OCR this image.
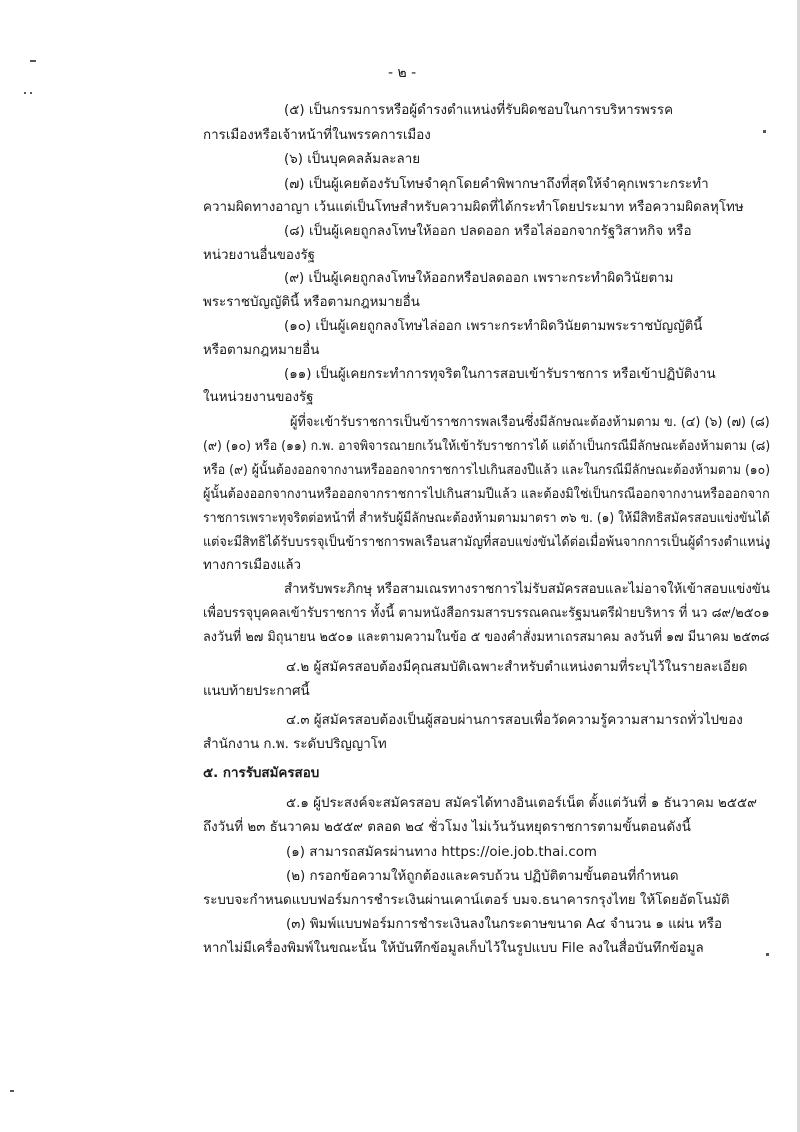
- ๒ -
(๕) เป็นกรรมการหรือผู้ดำรงตำแหน่งที่รับผิดชอบในการบริหารพรรค
การเมืองหรือเจ้าหน้าที่ในพรรคการเมือง
(๖) เป็นบุคคลล้มละลาย
(๗) เป็นผู้เคยต้องรับโทษจำคุกโดยคำพิพากษาถึงที่สุดให้จำคุกเพราะกระทำ
ความผิดทางอาญา เว้นแต่เป็นโทษสำหรับความผิดที่ได้กระทำโดยประมาท หรือความผิดลหุโทษ
(๘) เป็นผู้เคยถูกลงโทษให้ออก ปลดออก หรือไล่ออกจากรัฐวิสาหกิจ หรือ
หน่วยงานอื่นของรัฐ
(๙) เป็นผู้เคยถูกลงโทษให้ออกหรือปลดออก เพราะกระทำผิดวินัยตาม
พระราชบัญญัตินี้ หรือตามกฎหมายอื่น
(๑๐) เป็นผู้เคยถูกลงโทษไล่ออก เพราะกระทำผิดวินัยตามพระราชบัญญัตินี้
หรือตามกฎหมายอื่น
(๑๑) เป็นผู้เคยกระทำการทุจริตในการสอบเข้ารับราชการ หรือเข้าปฏิบัติงาน
ในหน่วยงานของรัฐ
ผู้ที่จะเข้ารับราชการเป็นข้าราชการพลเรือนซึ่งมีลักษณะต้องห้ามตาม ข. (๔) (๖) (๗) (๘)
(๙) (๑๐) หรือ (๑๑) ก.พ. อาจพิจารณายกเว้นให้เข้ารับราชการได้ แต่ถ้าเป็นกรณีมีลักษณะต้องห้ามตาม (๘)
หรือ (๙) ผู้นั้นต้องออกจากงานหรือออกจากราชการไปเกินสองปีแล้ว และในกรณีมีลักษณะต้องห้ามตาม (๑๐)
ผู้นั้นต้องออกจากงานหรือออกจากราชการไปเกินสามปีแล้ว และต้องมิใช่เป็นกรณีออกจากงานหรือออกจาก
ราชการเพราะทุจริตต่อหน้าที่ สำหรับผู้มีลักษณะต้องห้ามตามมาตรา ๓๖ ข. (๑) ให้มีสิทธิสมัครสอบแข่งขันได้
แต่จะมีสิทธิได้รับบรรจุเป็นข้าราชการพลเรือนสามัญที่สอบแข่งขันได้ต่อเมื่อพ้นจากการเป็นผู้ดำรงตำแหน่ง
ทางการเมืองแล้ว
สำหรับพระภิกษุ หรือสามเณรทางราชการไม่รับสมัครสอบและไม่อาจให้เข้าสอบแข่งขัน
เพื่อบรรจุบุคคลเข้ารับราชการ ทั้งนี้ ตามหนังสือกรมสารบรรณคณะรัฐมนตรีฝ่ายบริหาร ที่ นว ๘๙/๒๕๐๑
ลงวันที่ ๒๗ มิถุนายน ๒๕๐๑ และตามความในข้อ ๕ ของคำสั่งมหาเถรสมาคม ลงวันที่ ๑๗ มีนาคม ๒๕๓๘
๔.๒ ผู้สมัครสอบต้องมีคุณสมบัติเฉพาะสำหรับตำแหน่งตามที่ระบุไว้ในรายละเอียด
แนบท้ายประกาศนี้
๔.๓ ผู้สมัครสอบต้องเป็นผู้สอบผ่านการสอบเพื่อวัดความรู้ความสามารถทั่วไปของ
สำนักงาน ก.พ. ระดับปริญญาโท
๕. การรับสมัครสอบ
๕.๑ ผู้ประสงค์จะสมัครสอบ สมัครได้ทางอินเตอร์เน็ต ตั้งแต่วันที่ ๑ ธันวาคม ๒๕๕๙
ถึงวันที่ ๒๓ ธันวาคม ๒๕๕๙ ตลอด ๒๔ ชั่วโมง ไม่เว้นวันหยุดราชการตามขั้นตอนดังนี้
(๑) สามารถสมัครผ่านทาง https://oie.job.thai.com
(๒) กรอกข้อความให้ถูกต้องและครบถ้วน ปฏิบัติตามขั้นตอนที่กำหนด
ระบบจะกำหนดแบบฟอร์มการชำระเงินผ่านเคาน์เตอร์ บมจ.ธนาคารกรุงไทย ให้โดยอัตโนมัติ
(๓) พิมพ์แบบฟอร์มการชำระเงินลงในกระดาษขนาด A๔ จำนวน ๑ แผ่น หรือ
หากไม่มีเครื่องพิมพ์ในขณะนั้น ให้บันทึกข้อมูลเก็บไว้ในรูปแบบ File ลงในสื่อบันทึกข้อมูล
